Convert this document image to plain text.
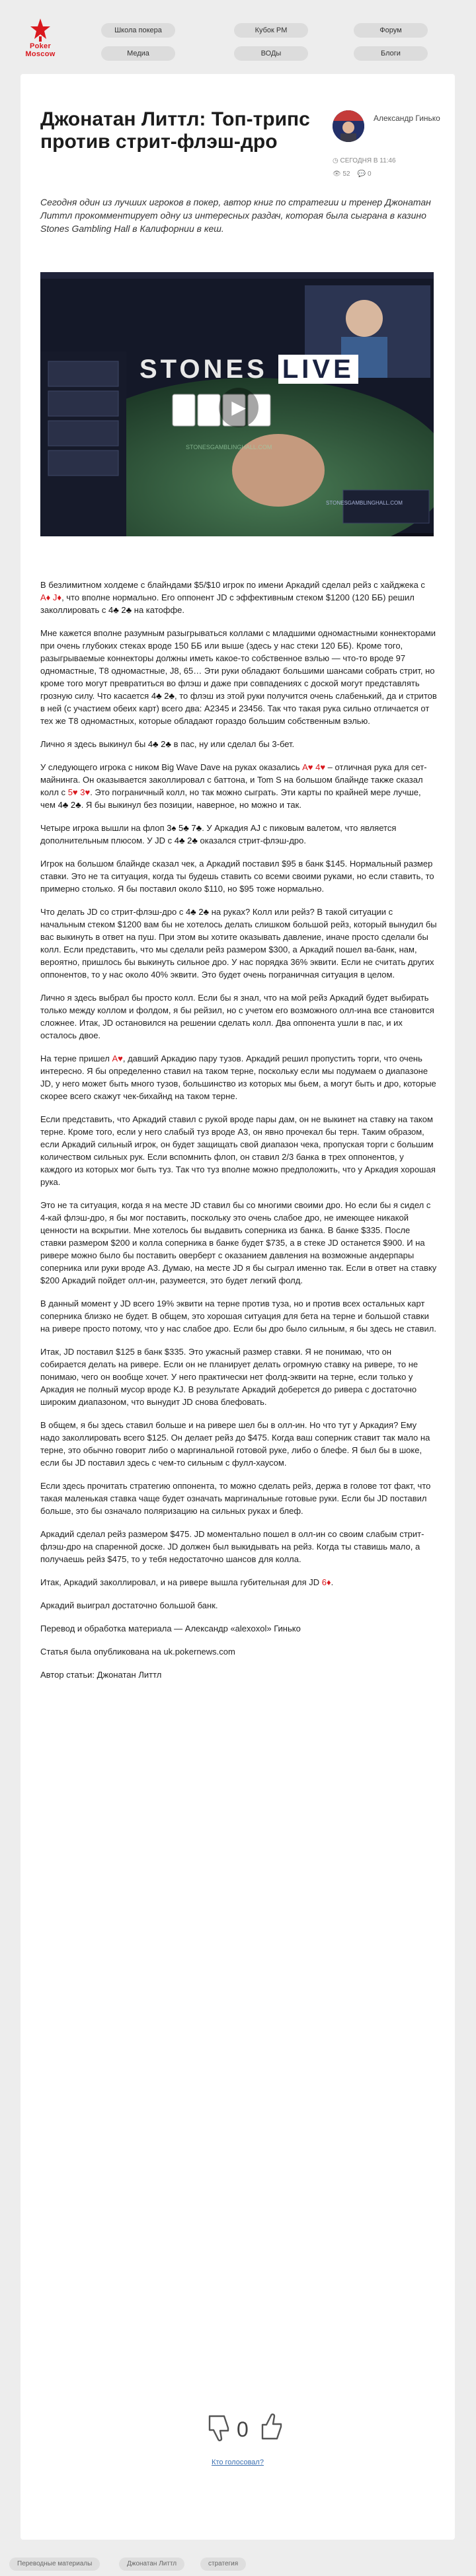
Poker
Moscow
Школа покера	Кубок PM	Форум
Медиа	ВОДы	Блоги
Джонатан Литтл: Топ-трипс против стрит-флэш-дро
Александр Гинько
◷ СЕГОДНЯ В 11:46
👁 52 💬 0

Сегодня один из лучших игроков в покер, автор книг по стратегии и тренер Джонатан Литтл прокомментирует одну из интересных раздач, которая была сыграна в казино Stones Gambling Hall в Калифорнии в кеш.

STONES LIVE
STONESGAMBLINGHALL.COM
STONESGAMBLINGHALL.COM
▶

В безлимитном холдеме с блайндами $5/$10 игрок по имени Аркадий сделал рейз с хайджека с A♦ J♦, что вполне нормально. Его оппонент JD с эффективным стеком $1200 (120 ББ) решил заколлировать с 4♣ 2♣ на катоффе.

Мне кажется вполне разумным разыгрываться коллами с младшими одномастными коннекторами при очень глубоких стеках вроде 150 ББ или выше (здесь у нас стеки 120 ББ). Кроме того, разыгрываемые коннекторы должны иметь какое-то собственное вэлью — что-то вроде 97 одномастные, T8 одномастные, J8, 65… Эти руки обладают большими шансами собрать стрит, но кроме того могут превратиться во флэш и даже при совпадениях с доской могут представлять грозную силу. Что касается 4♣ 2♣, то флэш из этой руки получится очень слабенький, да и стритов в ней (с участием обеих карт) всего два: A2345 и 23456. Так что такая рука сильно отличается от тех же T8 одномастных, которые обладают гораздо большим собственным вэлью.

Лично я здесь выкинул бы 4♣ 2♣ в пас, ну или сделал бы 3-бет.

У следующего игрока с ником Big Wave Dave на руках оказались A♥ 4♥ – отличная рука для сет-майнинга. Он оказывается заколлировал с баттона, и Tom S на большом блайнде также сказал колл с 5♥ 3♥. Это пограничный колл, но так можно сыграть. Эти карты по крайней мере лучше, чем 4♣ 2♣. Я бы выкинул без позиции, наверное, но можно и так.

Четыре игрока вышли на флоп 3♠ 5♣ 7♣. У Аркадия AJ с пиковым валетом, что является дополнительным плюсом. У JD с 4♣ 2♣ оказался стрит-флэш-дро.

Игрок на большом блайнде сказал чек, а Аркадий поставил $95 в банк $145. Нормальный размер ставки. Это не та ситуация, когда ты будешь ставить со всеми своими руками, но если ставить, то примерно столько. Я бы поставил около $110, но $95 тоже нормально.

Что делать JD со стрит-флэш-дро с 4♣ 2♣ на руках? Колл или рейз? В такой ситуации с начальным стеком $1200 вам бы не хотелось делать слишком большой рейз, который вынудил бы вас выкинуть в ответ на пуш. При этом вы хотите оказывать давление, иначе просто сделали бы колл. Если представить, что мы сделали рейз размером $300, а Аркадий пошел ва-банк, нам, вероятно, пришлось бы выкинуть сильное дро. У нас порядка 36% эквити. Если не считать других оппонентов, то у нас около 40% эквити. Это будет очень пограничная ситуация в целом.

Лично я здесь выбрал бы просто колл. Если бы я знал, что на мой рейз Аркадий будет выбирать только между коллом и фолдом, я бы рейзил, но с учетом его возможного олл-ина все становится сложнее. Итак, JD остановился на решении сделать колл. Два оппонента ушли в пас, и их осталось двое.

На терне пришел A♥, давший Аркадию пару тузов. Аркадий решил пропустить торги, что очень интересно. Я бы определенно ставил на таком терне, поскольку если мы подумаем о диапазоне JD, у него может быть много тузов, большинство из которых мы бьем, а могут быть и дро, которые скорее всего скажут чек-бихайнд на таком терне.

Если представить, что Аркадий ставил с рукой вроде пары дам, он не выкинет на ставку на таком терне. Кроме того, если у него слабый туз вроде A3, он явно прочекал бы терн. Таким образом, если Аркадий сильный игрок, он будет защищать свой диапазон чека, пропуская торги с большим количеством сильных рук. Если вспомнить флоп, он ставил 2/3 банка в трех оппонентов, у каждого из которых мог быть туз. Так что туз вполне можно предположить, что у Аркадия хорошая рука.

Это не та ситуация, когда я на месте JD ставил бы со многими своими дро. Но если бы я сидел с 4-кай флэш-дро, я бы мог поставить, поскольку это очень слабое дро, не имеющее никакой ценности на вскрытии. Мне хотелось бы выдавить соперника из банка. В банке $335. После ставки размером $200 и колла соперника в банке будет $735, а в стеке JD останется $900. И на ривере можно было бы поставить оверберт с оказанием давления на возможные андерпары соперника или руки вроде A3. Думаю, на месте JD я бы сыграл именно так. Если в ответ на ставку $200 Аркадий пойдет олл-ин, разумеется, это будет легкий фолд.

В данный момент у JD всего 19% эквити на терне против туза, но и против всех остальных карт соперника близко не будет. В общем, это хорошая ситуация для бета на терне и большой ставки на ривере просто потому, что у нас слабое дро. Если бы дро было сильным, я бы здесь не ставил.

Итак, JD поставил $125 в банк $335. Это ужасный размер ставки. Я не понимаю, что он собирается делать на ривере. Если он не планирует делать огромную ставку на ривере, то не понимаю, чего он вообще хочет. У него практически нет фолд-эквити на терне, если только у Аркадия не полный мусор вроде KJ. В результате Аркадий доберется до ривера с достаточно широким диапазоном, что вынудит JD снова блефовать.

В общем, я бы здесь ставил больше и на ривере шел бы в олл-ин. Но что тут у Аркадия? Ему надо заколлировать всего $125. Он делает рейз до $475. Когда ваш соперник ставит так мало на терне, это обычно говорит либо о маргинальной готовой руке, либо о блефе. Я был бы в шоке, если бы JD поставил здесь с чем-то сильным с фулл-хаусом.

Если здесь прочитать стратегию оппонента, то можно сделать рейз, держа в голове тот факт, что такая маленькая ставка чаще будет означать маргинальные готовые руки. Если бы JD поставил больше, это бы означало поляризацию на сильных руках и блеф.

Аркадий сделал рейз размером $475. JD моментально пошел в олл-ин со своим слабым стрит-флэш-дро на спаренной доске. JD должен был выкидывать на рейз. Когда ты ставишь мало, а получаешь рейз $475, то у тебя недостаточно шансов для колла.

Итак, Аркадий заколлировал, и на ривере вышла губительная для JD 6♦.

Аркадий выиграл достаточно большой банк.

Перевод и обработка материала — Александр «alexoxol» Гинько

Статья была опубликована на uk.pokernews.com

Автор статьи: Джонатан Литтл

0
Кто голосовал?
Переводные материалы	Джонатан Литтл	стратегия
